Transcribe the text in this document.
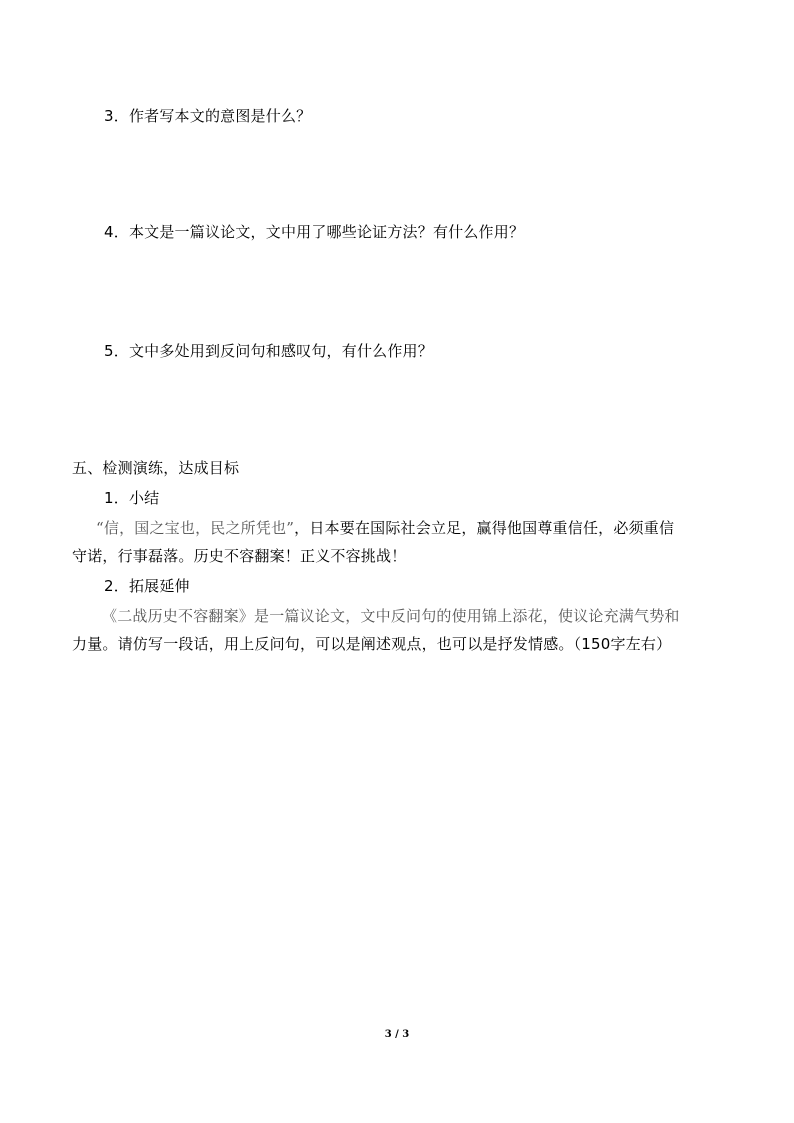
3．作者写本文的意图是什么？
4．本文是一篇议论文，文中用了哪些论证方法？有什么作用？
5．文中多处用到反问句和感叹句，有什么作用？
五、检测演练，达成目标
1．小结
“信，国之宝也，民之所凭也”，日本要在国际社会立足，赢得他国尊重信任，必须重信
守诺，行事磊落。历史不容翻案！正义不容挑战！
2．拓展延伸
《二战历史不容翻案》是一篇议论文，文中反问句的使用锦上添花，使议论充满气势和
力量。请仿写一段话，用上反问句，可以是阐述观点，也可以是抒发情感。（150字左右）
3 / 3
